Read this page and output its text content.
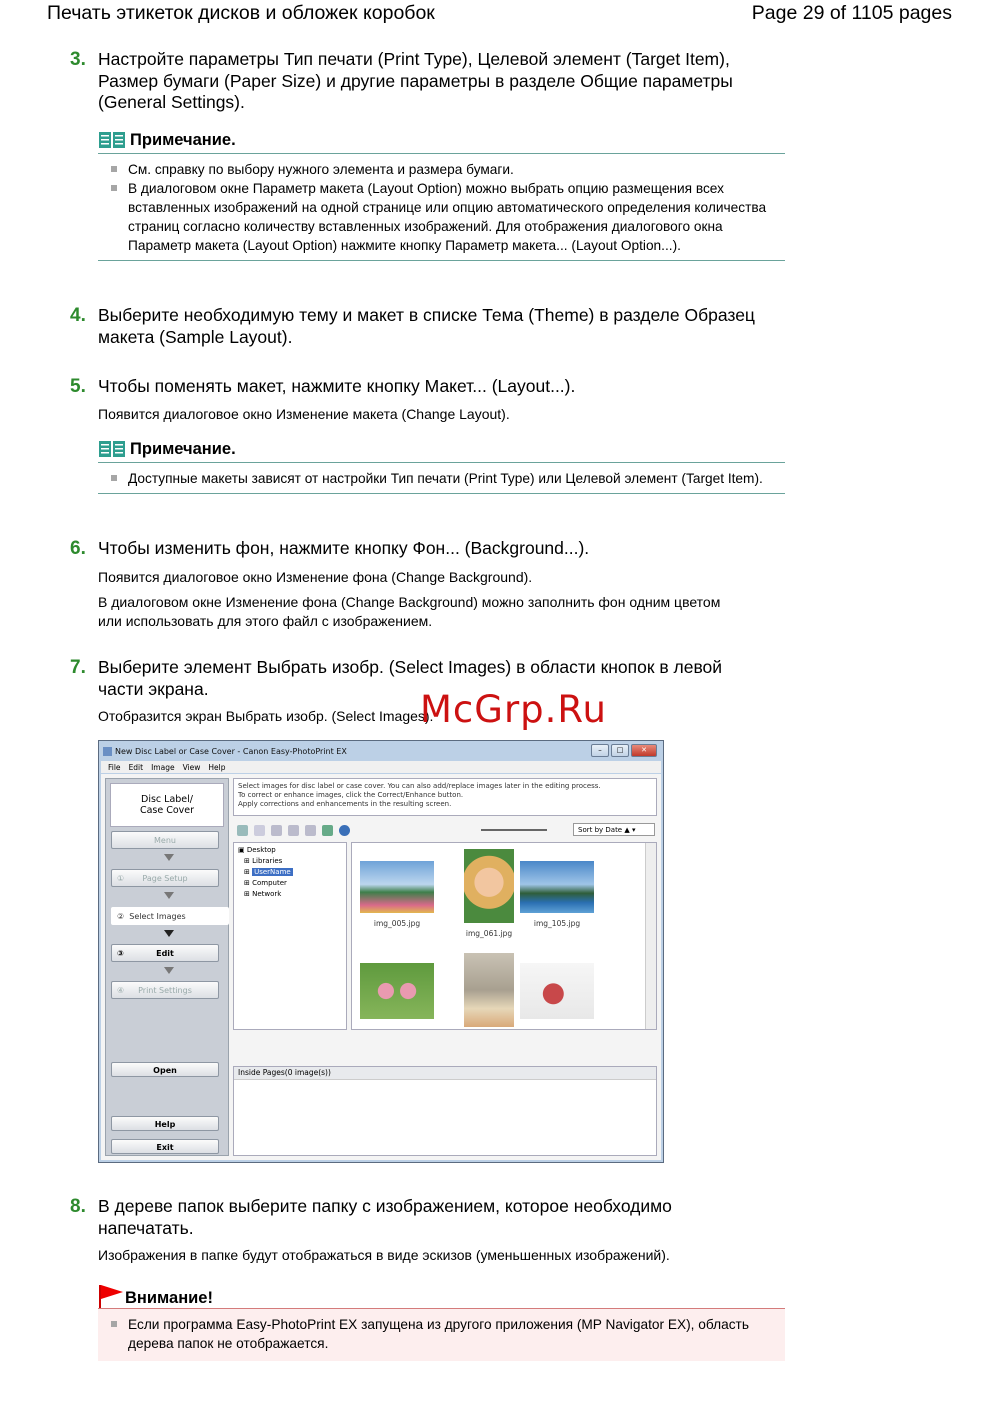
Печать этикеток дисков и обложек коробок	Page 29 of 1105 pages
3. Настройте параметры Тип печати (Print Type), Целевой элемент (Target Item), Размер бумаги (Paper Size) и другие параметры в разделе Общие параметры (General Settings).
Примечание.
См. справку по выбору нужного элемента и размера бумаги.
В диалоговом окне Параметр макета (Layout Option) можно выбрать опцию размещения всех вставленных изображений на одной странице или опцию автоматического определения количества страниц согласно количеству вставленных изображений. Для отображения диалогового окна Параметр макета (Layout Option) нажмите кнопку Параметр макета... (Layout Option...).
4. Выберите необходимую тему и макет в списке Тема (Theme) в разделе Образец макета (Sample Layout).
5. Чтобы поменять макет, нажмите кнопку Макет... (Layout...).
Появится диалоговое окно Изменение макета (Change Layout).
Примечание.
Доступные макеты зависят от настройки Тип печати (Print Type) или Целевой элемент (Target Item).
6. Чтобы изменить фон, нажмите кнопку Фон... (Background...).
Появится диалоговое окно Изменение фона (Change Background).
В диалоговом окне Изменение фона (Change Background) можно заполнить фон одним цветом или использовать для этого файл с изображением.
7. Выберите элемент Выбрать изобр. (Select Images) в области кнопок в левой части экрана.
Отобразится экран Выбрать изобр. (Select Images).
New Disc Label or Case Cover - Canon Easy-PhotoPrint EX	–	□	✕
File Edit Image View Help
Disc Label/
Case Cover
Menu
① Page Setup
② Select Images
③	Edit
④ Print Settings
Open
Help
Exit
Select images for disc label or case cover. You can also add/replace images later in the editing process.
To correct or enhance images, click the Correct/Enhance button.
Apply corrections and enhancements in the resulting screen.
Sort by Date ▲ ▾
▣ Desktop
⊞ Libraries
⊞ UserName
⊞ Computer
⊞ Network
img_005.jpg
img_061.jpg
img_105.jpg
Inside Pages(0 image(s))
McGrp.Ru
8. В дереве папок выберите папку с изображением, которое необходимо напечатать.
Изображения в папке будут отображаться в виде эскизов (уменьшенных изображений).
Внимание!
Если программа Easy-PhotoPrint EX запущена из другого приложения (MP Navigator EX), область дерева папок не отображается.
